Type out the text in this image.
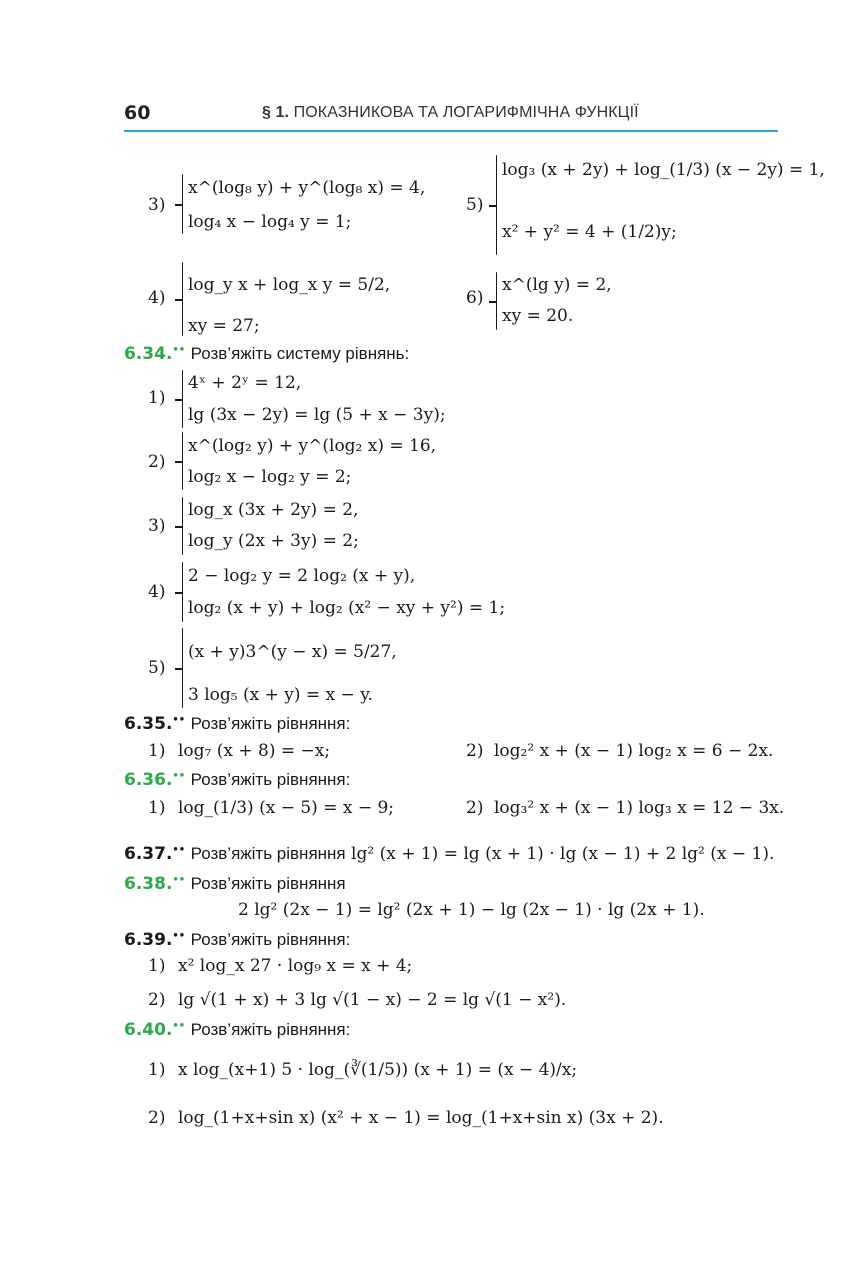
60	§ 1. ПОКАЗНИКОВА ТА ЛОГАРИФМІЧНА ФУНКЦІЇ
3)
x^(log₈ y) + y^(log₈ x) = 4,
log₄ x − log₄ y = 1;
5)
log₃ (x + 2y) + log_(1/3) (x − 2y) = 1,
x² + y² = 4 + (1/2)y;
4)
log_y x + log_x y = 5/2,
xy = 27;
6)
x^(lg y) = 2,
xy = 20.
6.34.•• Розв’яжіть систему рівнянь:
1)
4ˣ + 2ʸ = 12,
lg (3x − 2y) = lg (5 + x − 3y);
2)
x^(log₂ y) + y^(log₂ x) = 16,
log₂ x − log₂ y = 2;
3)
log_x (3x + 2y) = 2,
log_y (2x + 3y) = 2;
4)
2 − log₂ y = 2 log₂ (x + y),
log₂ (x + y) + log₂ (x² − xy + y²) = 1;
5)
(x + y)3^(y − x) = 5/27,
3 log₅ (x + y) = x − y.
6.35.•• Розв’яжіть рівняння:
1) log₇ (x + 8) = −x;	2) log₂² x + (x − 1) log₂ x = 6 − 2x.
6.36.•• Розв’яжіть рівняння:
1) log_(1/3) (x − 5) = x − 9;	2) log₃² x + (x − 1) log₃ x = 12 − 3x.
6.37.•• Розв’яжіть рівняння lg² (x + 1) = lg (x + 1) · lg (x − 1) + 2 lg² (x − 1).
6.38.•• Розв’яжіть рівняння
2 lg² (2x − 1) = lg² (2x + 1) − lg (2x − 1) · lg (2x + 1).
6.39.•• Розв’яжіть рівняння:
1) x² log_x 27 · log₉ x = x + 4;
2) lg √(1 + x) + 3 lg √(1 − x) − 2 = lg √(1 − x²).
6.40.•• Розв’яжіть рівняння:
1) x log_(x+1) 5 · log_(∛(1/5)) (x + 1) = (x − 4)/x;
2) log_(1+x+sin x) (x² + x − 1) = log_(1+x+sin x) (3x + 2).
